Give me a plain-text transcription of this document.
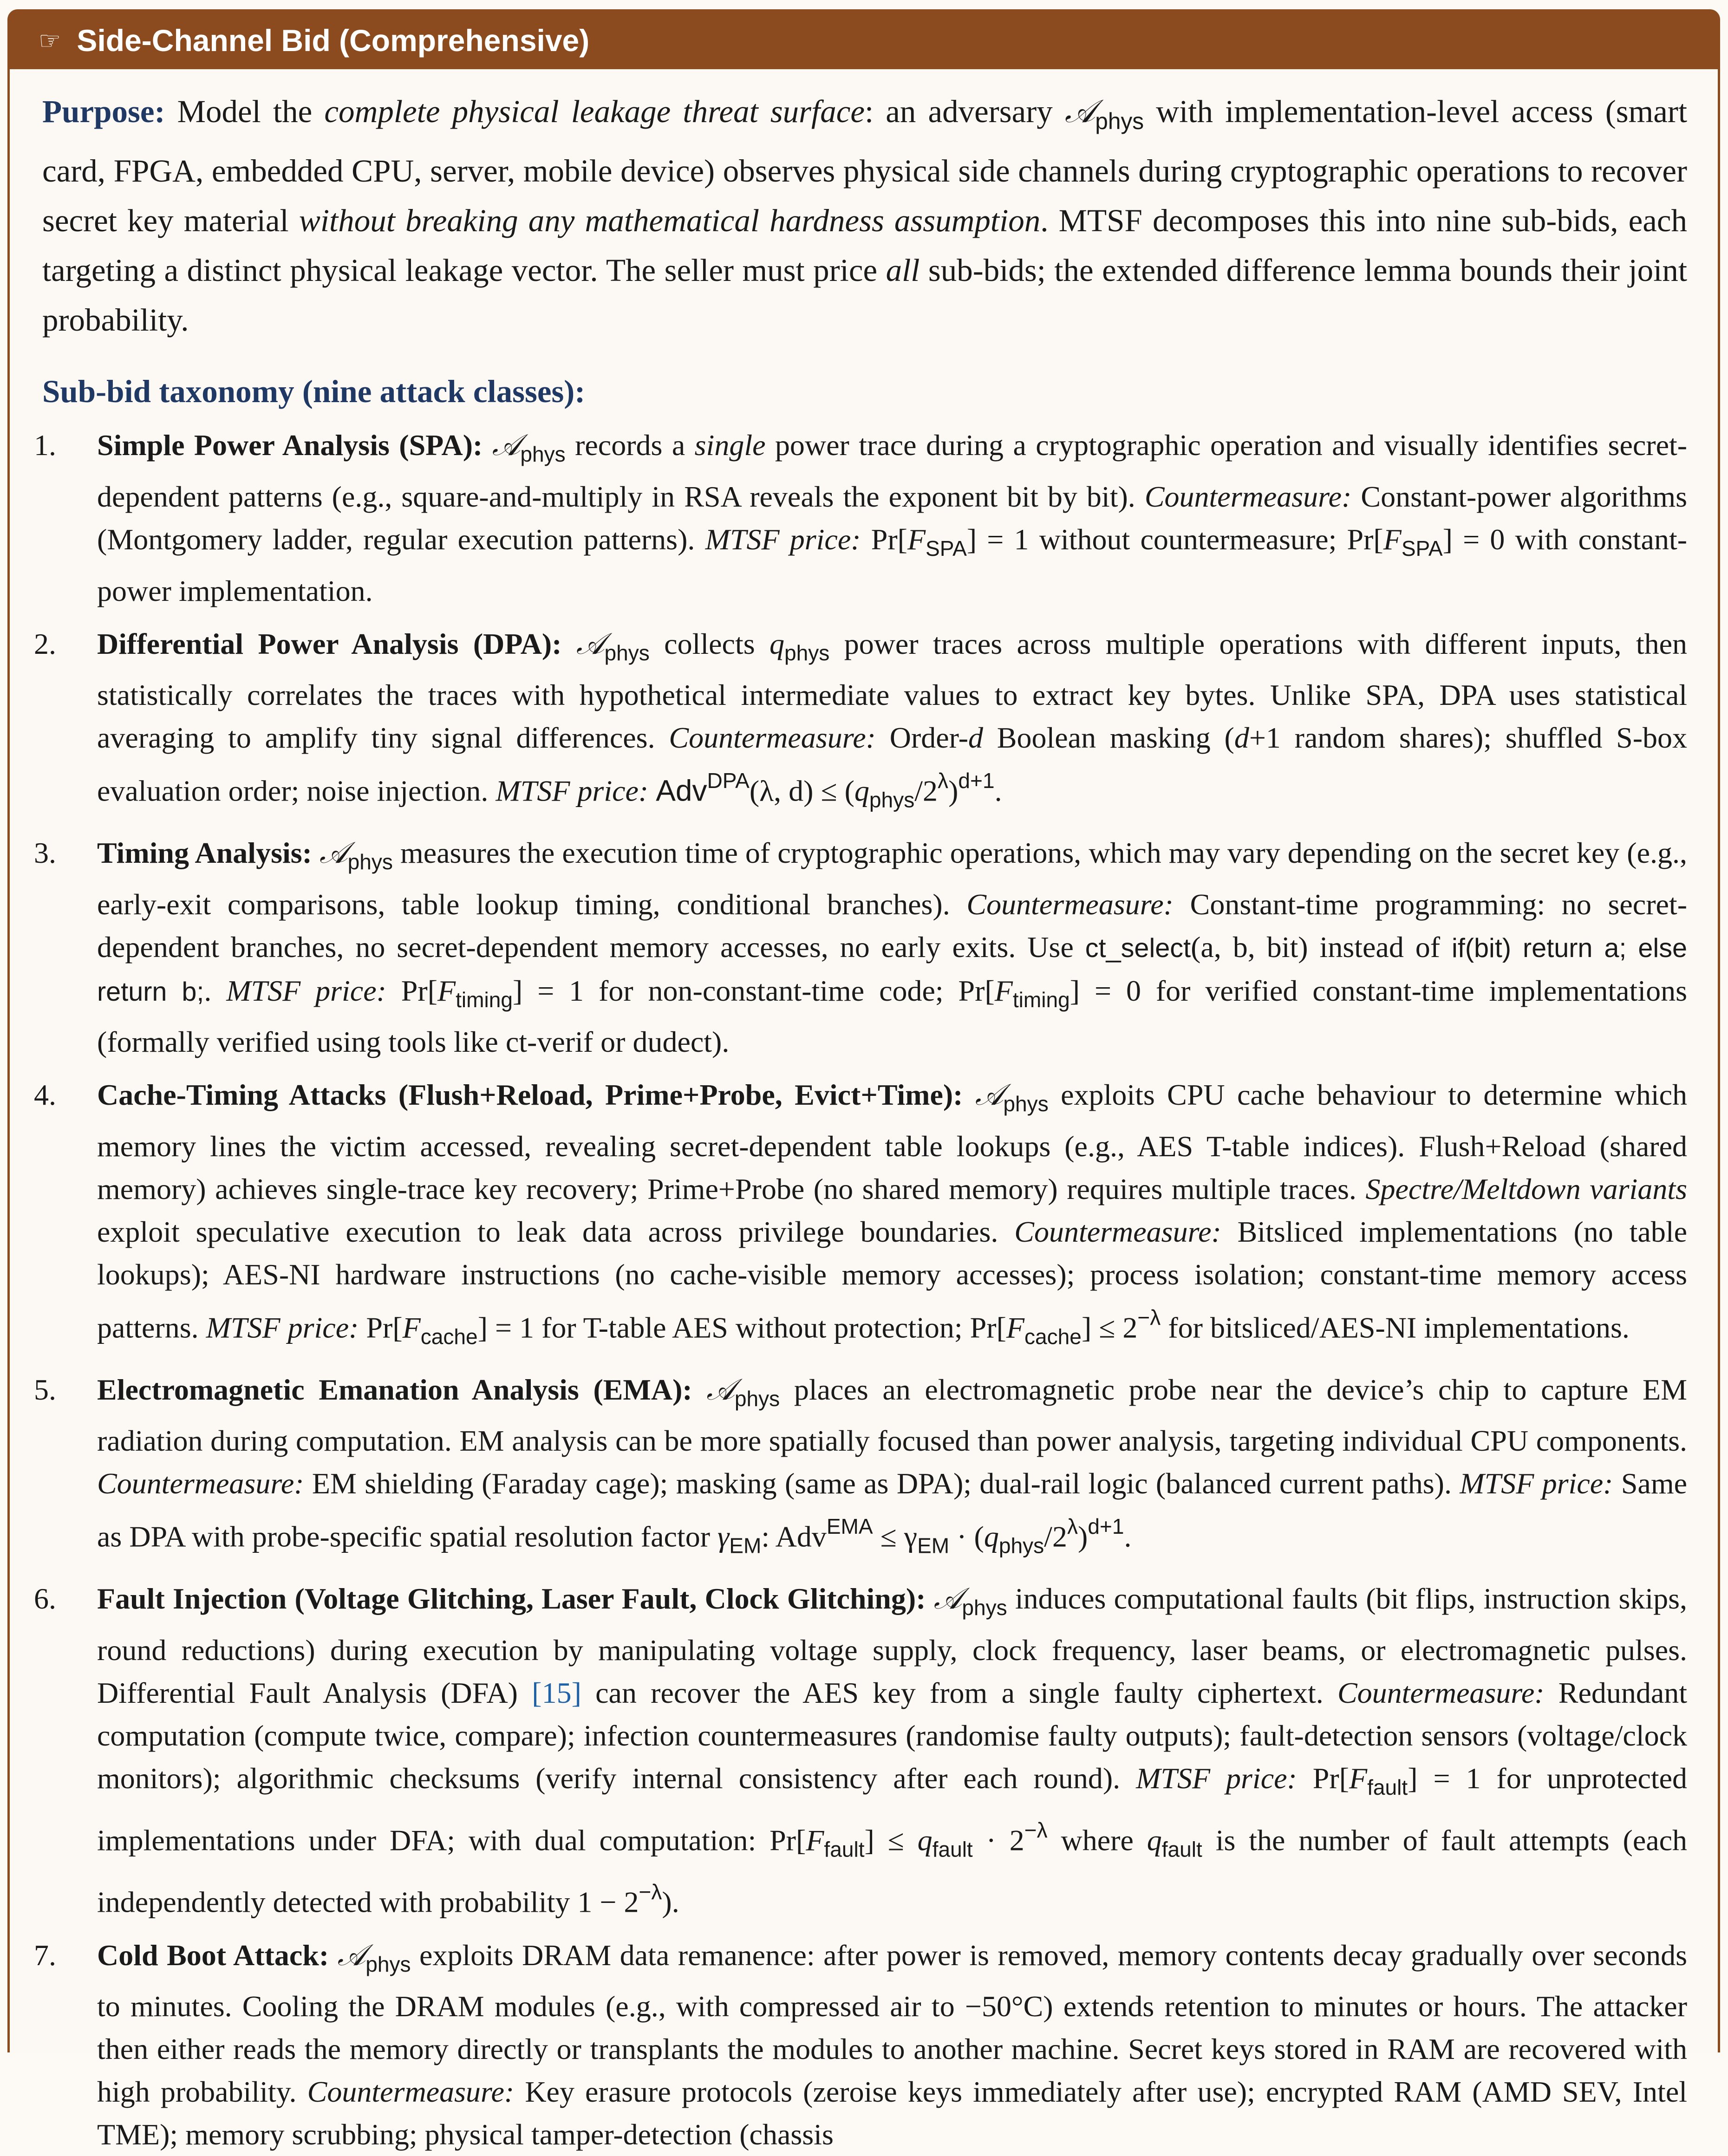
☞ Side-Channel Bid (Comprehensive)

Purpose: Model the complete physical leakage threat surface: an adversary 𝒜$_{phys}$ with implementation-level access (smart card, FPGA, embedded CPU, server, mobile device) observes physical side channels during cryptographic operations to recover secret key material without breaking any mathematical hardness assumption. MTSF decomposes this into nine sub-bids, each targeting a distinct physical leakage vector. The seller must price all sub-bids; the extended difference lemma bounds their joint probability.

Sub-bid taxonomy (nine attack classes):
1. Simple Power Analysis (SPA): 𝒜$_{phys}$ records a single power trace during a cryptographic operation and visually identifies secret-dependent patterns (e.g., square-and-multiply in RSA reveals the exponent bit by bit). Countermeasure: Constant-power algorithms (Montgomery ladder, regular execution patterns). MTSF price: $Pr[F_{SPA}] = 1$ without countermeasure; $Pr[F_{SPA}] = 0$ with constant-power implementation.
2. Differential Power Analysis (DPA): 𝒜$_{phys}$ collects $q_{phys}$ power traces across multiple operations with different inputs, then statistically correlates the traces with hypothetical intermediate values to extract key bytes. Unlike SPA, DPA uses statistical averaging to amplify tiny signal differences. Countermeasure: Order-d Boolean masking (d+1 random shares); shuffled S-box evaluation order; noise injection. MTSF price: Adv$^{DPA}$(λ, $d) \le (q_{phys}/2^\lambda)^{d+1}$.
3. Timing Analysis: 𝒜$_{phys}$ measures the execution time of cryptographic operations, which may vary depending on the secret key (e.g., early-exit comparisons, table lookup timing, conditional branches). Countermeasure: Constant-time programming: no secret-dependent branches, no secret-dependent memory accesses, no early exits. Use ct_select(a, b, bit) instead of if(bit) return a; else return b;. MTSF price: $Pr[F_{timing}] = 1$ for non-constant-time code; $Pr[F_{timing}] = 0$ for verified constant-time implementations (formally verified using tools like ct-verif or dudect).
4. Cache-Timing Attacks (Flush+Reload, Prime+Probe, Evict+Time): 𝒜$_{phys}$ exploits CPU cache behaviour to determine which memory lines the victim accessed, revealing secret-dependent table lookups (e.g., AES T-table indices). Flush+Reload (shared memory) achieves single-trace key recovery; Prime+Probe (no shared memory) requires multiple traces. Spectre/Meltdown variants exploit speculative execution to leak data across privilege boundaries. Countermeasure: Bitsliced implementations (no table lookups); AES-NI hardware instructions (no cache-visible memory accesses); process isolation; constant-time memory access patterns. MTSF price: $Pr[F_{cache}] = 1$ for T-table AES without protection; $Pr[F_{cache}] \le 2^{-\lambda}$ for bitsliced/AES-NI implementations.
5. Electromagnetic Emanation Analysis (EMA): 𝒜$_{phys}$ places an electromagnetic probe near the device’s chip to capture EM radiation during computation. EM analysis can be more spatially focused than power analysis, targeting individual CPU components. Countermeasure: EM shielding (Faraday cage); masking (same as DPA); dual-rail logic (balanced current paths). MTSF price: Same as DPA with probe-specific spatial resolution factor $\gamma_{EM}$: $Adv^{EMA} \le \gamma_{EM} \cdot (q_{phys}/2^\lambda)^{d+1}$.
6. Fault Injection (Voltage Glitching, Laser Fault, Clock Glitching): 𝒜$_{phys}$ induces computational faults (bit flips, instruction skips, round reductions) during execution by manipulating voltage supply, clock frequency, laser beams, or electromagnetic pulses. Differential Fault Analysis (DFA) [15] can recover the AES key from a single faulty ciphertext. Countermeasure: Redundant computation (compute twice, compare); infection countermeasures (randomise faulty outputs); fault-detection sensors (voltage/clock monitors); algorithmic checksums (verify internal consistency after each round). MTSF price: $Pr[F_{fault}] = 1$ for unprotected implementations under DFA; with dual computation: $Pr[F_{fault}] \le q_{fault} \cdot 2^{-\lambda}$ where $q_{fault}$ is the number of fault attempts (each independently detected with probability $1 - 2^{-\lambda}$).
7. Cold Boot Attack: 𝒜$_{phys}$ exploits DRAM data remanence: after power is removed, memory contents decay gradually over seconds to minutes. Cooling the DRAM modules (e.g., with compressed air to −50°C) extends retention to minutes or hours. The attacker then either reads the memory directly or transplants the modules to another machine. Secret keys stored in RAM are recovered with high probability. Countermeasure: Key erasure protocols (zeroise keys immediately after use); encrypted RAM (AMD SEV, Intel TME); memory scrubbing; physical tamper-detection (chassis
